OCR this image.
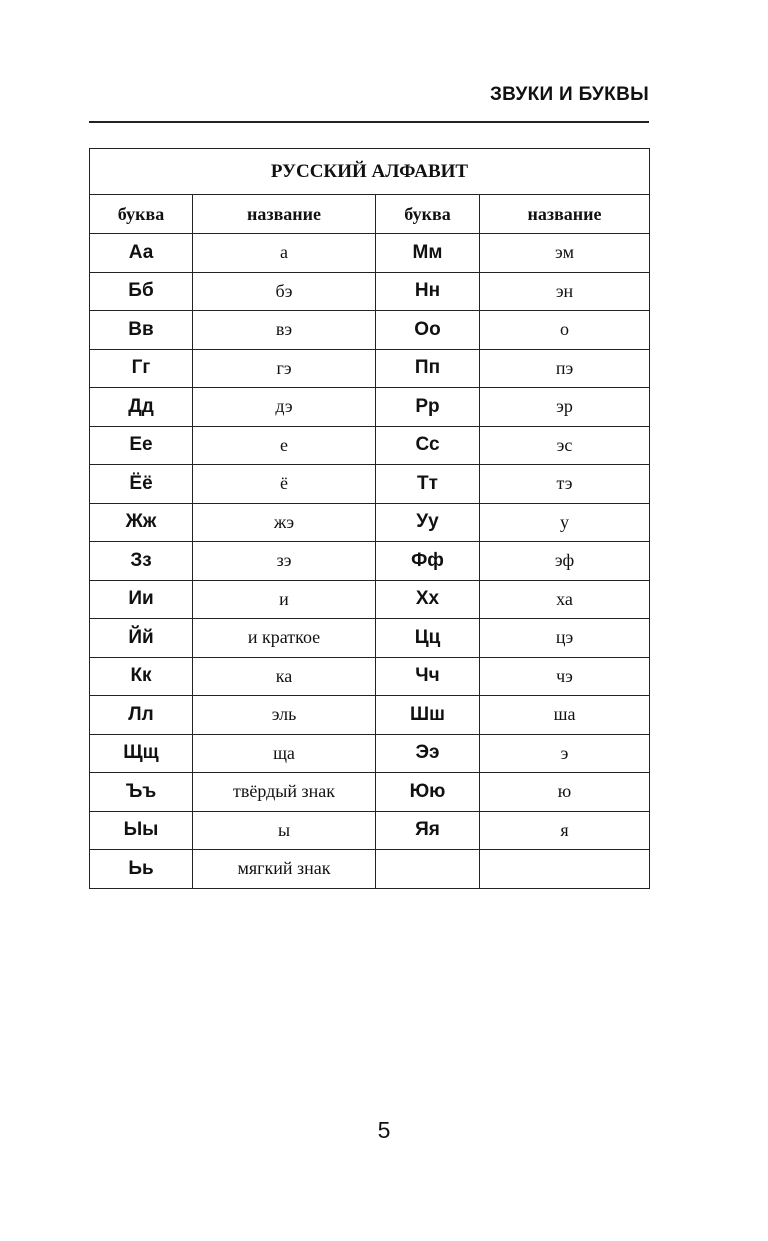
ЗВУКИ И БУКВЫ
РУССКИЙ АЛФАВИТ			
буква	название	буква	название
Аа	а	Мм	эм
Бб	бэ	Нн	эн
Вв	вэ	Оо	о
Гг	гэ	Пп	пэ
Дд	дэ	Рр	эр
Ее	е	Сс	эс
Ёё	ё	Тт	тэ
Жж	жэ	Уу	у
Зз	зэ	Фф	эф
Ии	и	Хх	ха
Йй	и краткое	Цц	цэ
Кк	ка	Чч	чэ
Лл	эль	Шш	ша
Щщ	ща	Ээ	э
Ъъ	твёрдый знак	Юю	ю
Ыы	ы	Яя	я
Ьь	мягкий знак		
5
